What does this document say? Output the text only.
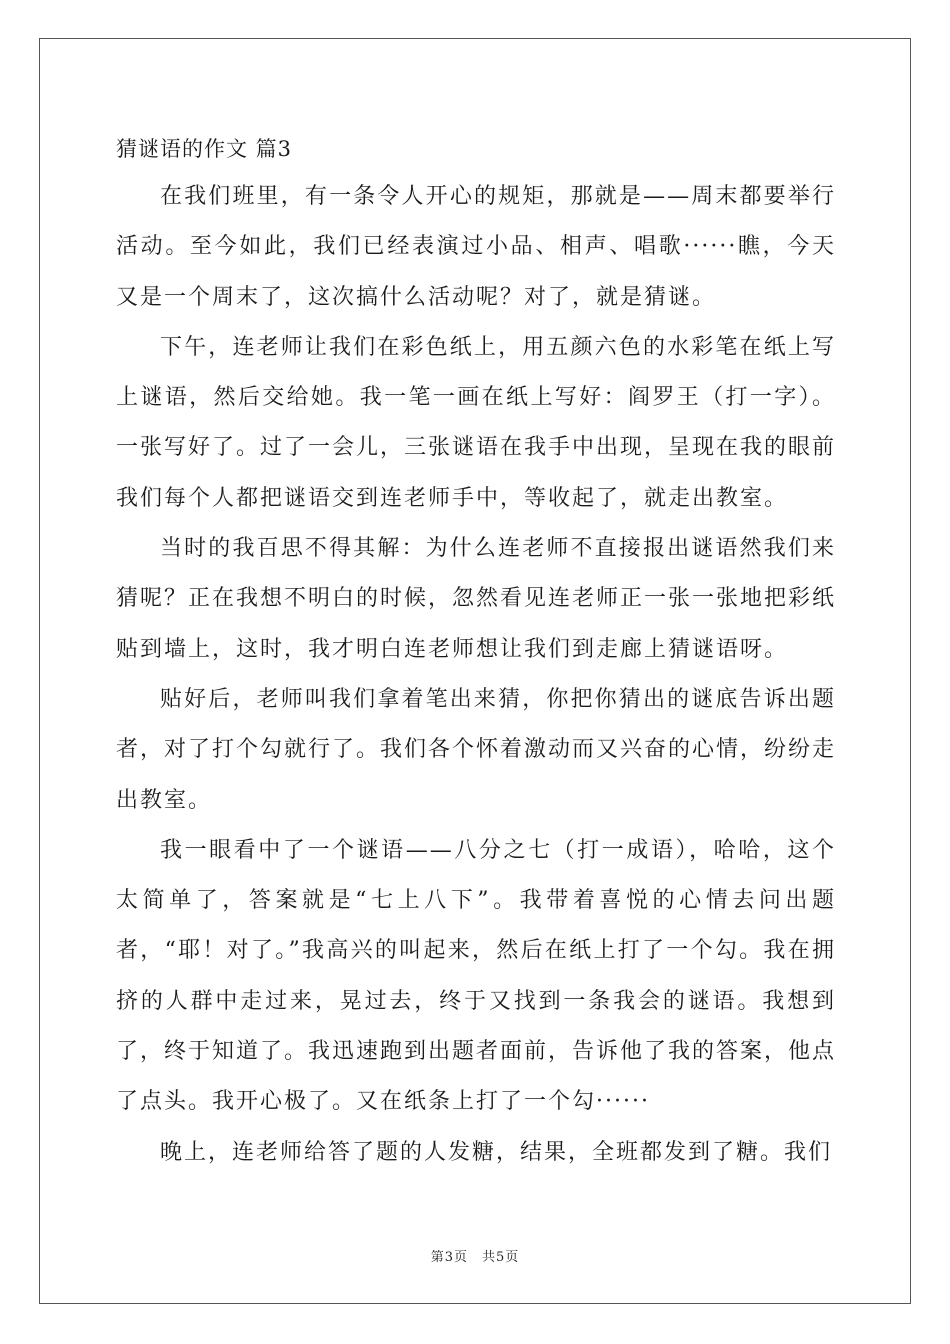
猜谜语的作文 篇3

在我们班里，有一条令人开心的规矩，那就是——周末都要举行活动。至今如此，我们已经表演过小品、相声、唱歌······瞧，今天又是一个周末了，这次搞什么活动呢？对了，就是猜谜。

下午，连老师让我们在彩色纸上，用五颜六色的水彩笔在纸上写上谜语，然后交给她。我一笔一画在纸上写好：阎罗王（打一字）。一张写好了。过了一会儿，三张谜语在我手中出现，呈现在我的眼前我们每个人都把谜语交到连老师手中，等收起了，就走出教室。

当时的我百思不得其解：为什么连老师不直接报出谜语然我们来猜呢？正在我想不明白的时候，忽然看见连老师正一张一张地把彩纸贴到墙上，这时，我才明白连老师想让我们到走廊上猜谜语呀。

贴好后，老师叫我们拿着笔出来猜，你把你猜出的谜底告诉出题者，对了打个勾就行了。我们各个怀着激动而又兴奋的心情，纷纷走出教室。

我一眼看中了一个谜语——八分之七（打一成语），哈哈，这个太简单了，答案就是“七上八下”。我带着喜悦的心情去问出题者，“耶！对了。”我高兴的叫起来，然后在纸上打了一个勾。我在拥挤的人群中走过来，晃过去，终于又找到一条我会的谜语。我想到了，终于知道了。我迅速跑到出题者面前，告诉他了我的答案，他点了点头。我开心极了。又在纸条上打了一个勾······

晚上，连老师给答了题的人发糖，结果，全班都发到了糖。我们

第3页　共5页
